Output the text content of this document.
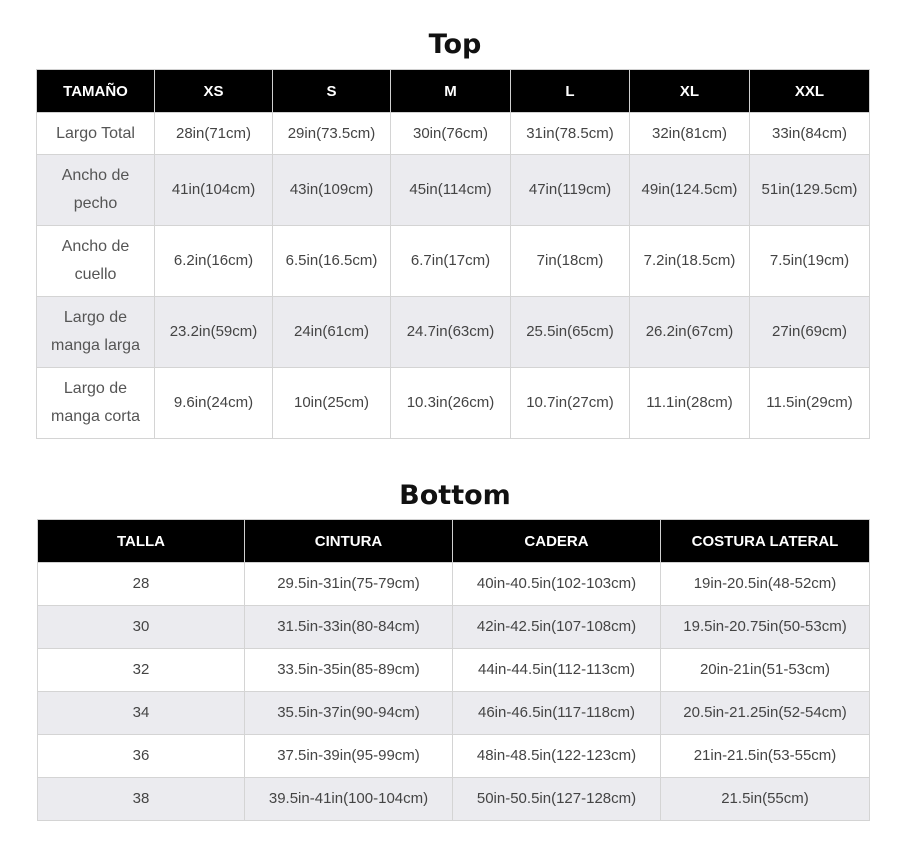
Top
TAMAÑO	XS	S	M	L	XL	XXL
Largo Total	28in(71cm)	29in(73.5cm)	30in(76cm)	31in(78.5cm)	32in(81cm)	33in(84cm)
Ancho de pecho	41in(104cm)	43in(109cm)	45in(114cm)	47in(119cm)	49in(124.5cm)	51in(129.5cm)
Ancho de cuello	6.2in(16cm)	6.5in(16.5cm)	6.7in(17cm)	7in(18cm)	7.2in(18.5cm)	7.5in(19cm)
Largo de manga larga	23.2in(59cm)	24in(61cm)	24.7in(63cm)	25.5in(65cm)	26.2in(67cm)	27in(69cm)
Largo de manga corta	9.6in(24cm)	10in(25cm)	10.3in(26cm)	10.7in(27cm)	11.1in(28cm)	11.5in(29cm)
Bottom
TALLA	CINTURA	CADERA	COSTURA LATERAL
28	29.5in-31in(75-79cm)	40in-40.5in(102-103cm)	19in-20.5in(48-52cm)
30	31.5in-33in(80-84cm)	42in-42.5in(107-108cm)	19.5in-20.75in(50-53cm)
32	33.5in-35in(85-89cm)	44in-44.5in(112-113cm)	20in-21in(51-53cm)
34	35.5in-37in(90-94cm)	46in-46.5in(117-118cm)	20.5in-21.25in(52-54cm)
36	37.5in-39in(95-99cm)	48in-48.5in(122-123cm)	21in-21.5in(53-55cm)
38	39.5in-41in(100-104cm)	50in-50.5in(127-128cm)	21.5in(55cm)
